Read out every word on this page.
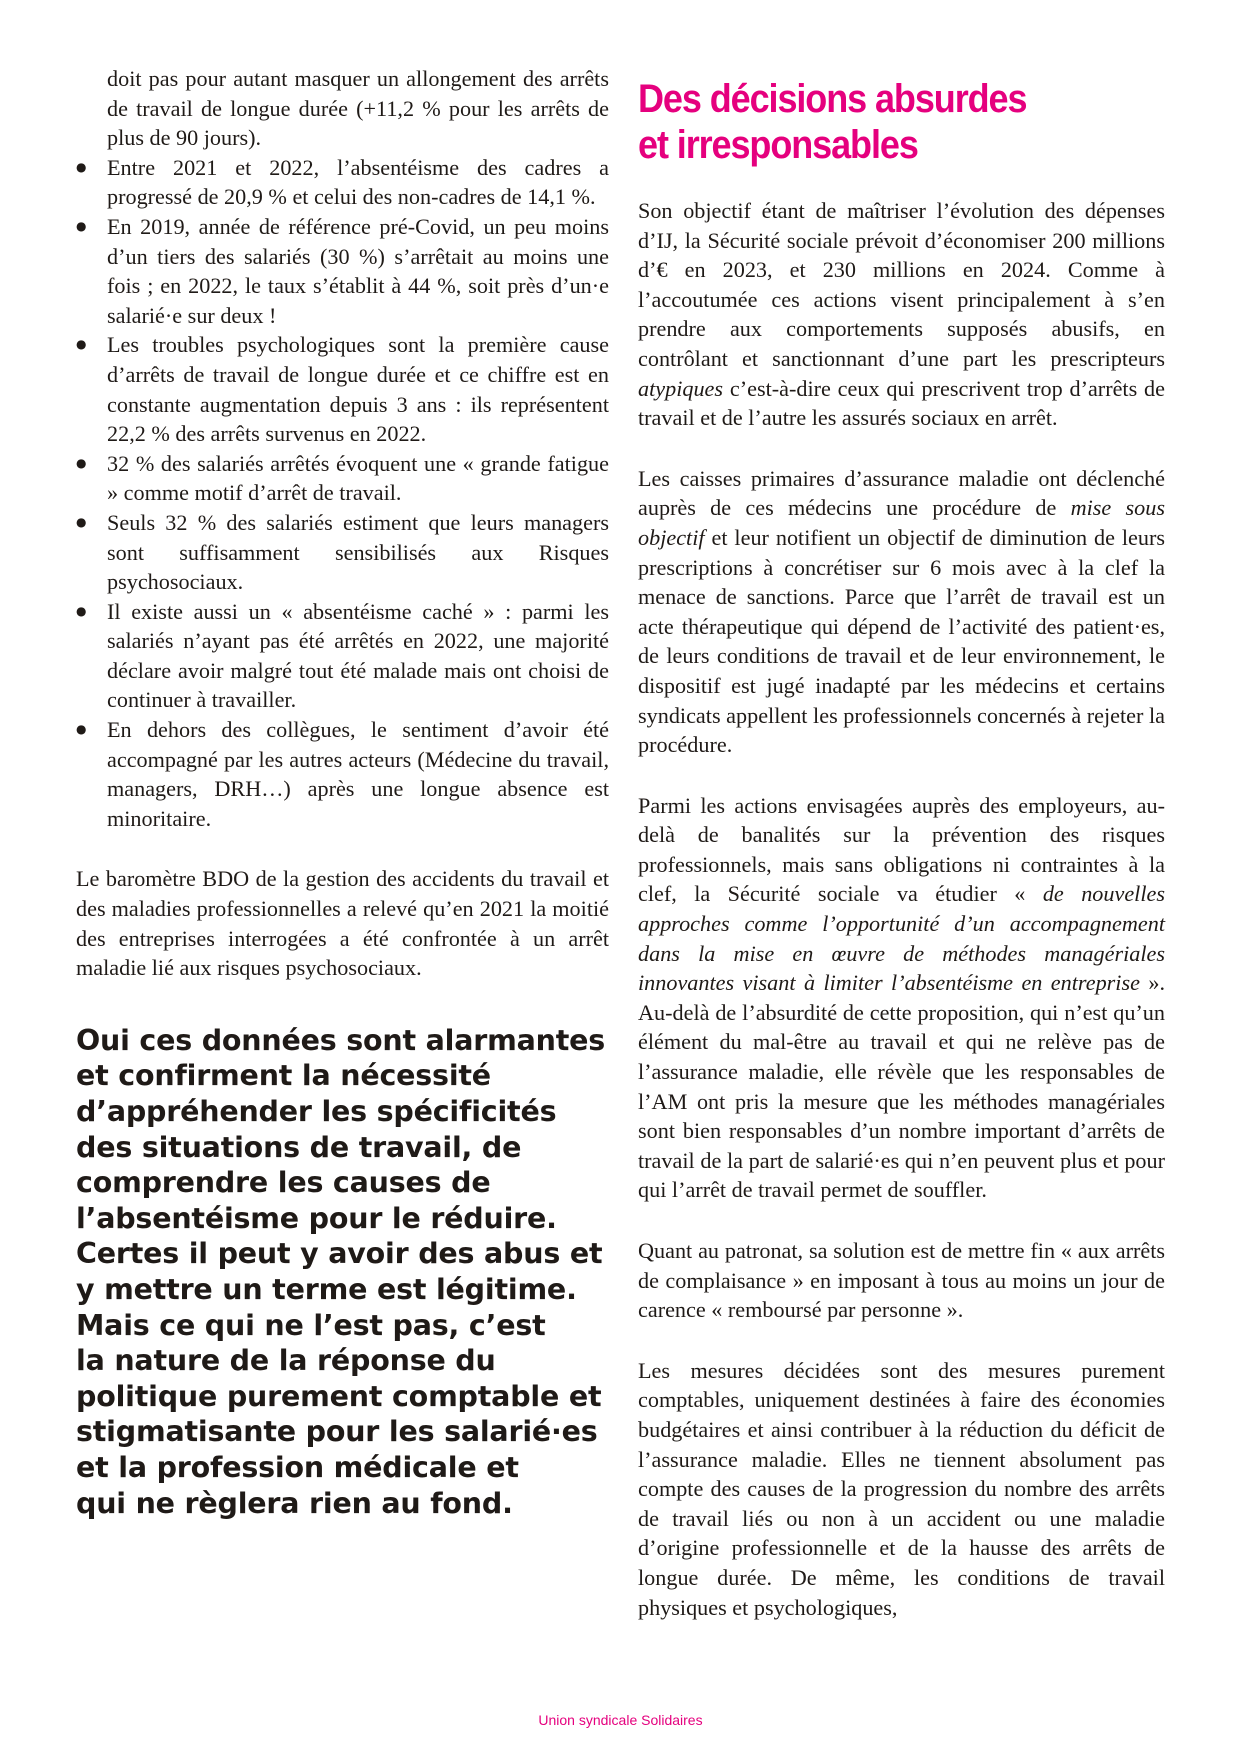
doit pas pour autant masquer un allongement des arrêts de travail de longue durée (+11,2 % pour les arrêts de plus de 90 jours).

● Entre 2021 et 2022, l’absentéisme des cadres a progressé de 20,9 % et celui des non-cadres de 14,1 %.
● En 2019, année de référence pré-Covid, un peu moins d’un tiers des salariés (30 %) s’arrêtait au moins une fois ; en 2022, le taux s’établit à 44 %, soit près d’un·e salarié·e sur deux !
● Les troubles psychologiques sont la première cause d’arrêts de travail de longue durée et ce chiffre est en constante augmentation depuis 3 ans : ils représentent 22,2 % des arrêts survenus en 2022.
● 32 % des salariés arrêtés évoquent une « grande fatigue » comme motif d’arrêt de travail.
● Seuls 32 % des salariés estiment que leurs managers sont suffisamment sensibilisés aux Risques psychosociaux.
● Il existe aussi un « absentéisme caché » : parmi les salariés n’ayant pas été arrêtés en 2022, une majorité déclare avoir malgré tout été malade mais ont choisi de continuer à travailler.
● En dehors des collègues, le sentiment d’avoir été accompagné par les autres acteurs (Médecine du travail, managers, DRH…) après une longue absence est minoritaire.

Le baromètre BDO de la gestion des accidents du travail et des maladies professionnelles a relevé qu’en 2021 la moitié des entreprises interrogées a été confrontée à un arrêt maladie lié aux risques psychosociaux.

Oui ces données sont alarmantes
et confirment la nécessité
d’appréhender les spécificités
des situations de travail, de
comprendre les causes de
l’absentéisme pour le réduire.
Certes il peut y avoir des abus et
y mettre un terme est légitime.
Mais ce qui ne l’est pas, c’est
la nature de la réponse du
politique purement comptable et
stigmatisante pour les salarié·es
et la profession médicale et
qui ne règlera rien au fond.
Des décisions absurdes
et irresponsables

Son objectif étant de maîtriser l’évolution des dépenses d’IJ, la Sécurité sociale prévoit d’économiser 200 millions d’€ en 2023, et 230 millions en 2024. Comme à l’accoutumée ces actions visent principalement à s’en prendre aux comportements supposés abusifs, en contrôlant et sanctionnant d’une part les prescripteurs atypiques c’est-à-dire ceux qui prescrivent trop d’arrêts de travail et de l’autre les assurés sociaux en arrêt.

Les caisses primaires d’assurance maladie ont déclenché auprès de ces médecins une procédure de mise sous objectif et leur notifient un objectif de diminution de leurs prescriptions à concrétiser sur 6 mois avec à la clef la menace de sanctions. Parce que l’arrêt de travail est un acte thérapeutique qui dépend de l’activité des patient·es, de leurs conditions de travail et de leur environnement, le dispositif est jugé inadapté par les médecins et certains syndicats appellent les professionnels concernés à rejeter la procédure.

Parmi les actions envisagées auprès des employeurs, au-delà de banalités sur la prévention des risques professionnels, mais sans obligations ni contraintes à la clef, la Sécurité sociale va étudier « de nouvelles approches comme l’opportunité d’un accompagnement dans la mise en œuvre de méthodes managériales innovantes visant à limiter l’absentéisme en entreprise ». Au-delà de l’absurdité de cette proposition, qui n’est qu’un élément du mal-être au travail et qui ne relève pas de l’assurance maladie, elle révèle que les responsables de l’AM ont pris la mesure que les méthodes managériales sont bien responsables d’un nombre important d’arrêts de travail de la part de salarié·es qui n’en peuvent plus et pour qui l’arrêt de travail permet de souffler.

Quant au patronat, sa solution est de mettre fin « aux arrêts de complaisance » en imposant à tous au moins un jour de carence « remboursé par personne ».

Les mesures décidées sont des mesures purement comptables, uniquement destinées à faire des économies budgétaires et ainsi contribuer à la réduction du déficit de l’assurance maladie. Elles ne tiennent absolument pas compte des causes de la progression du nombre des arrêts de travail liés ou non à un accident ou une maladie d’origine professionnelle et de la hausse des arrêts de longue durée. De même, les conditions de travail physiques et psychologiques,

Union syndicale Solidaires
